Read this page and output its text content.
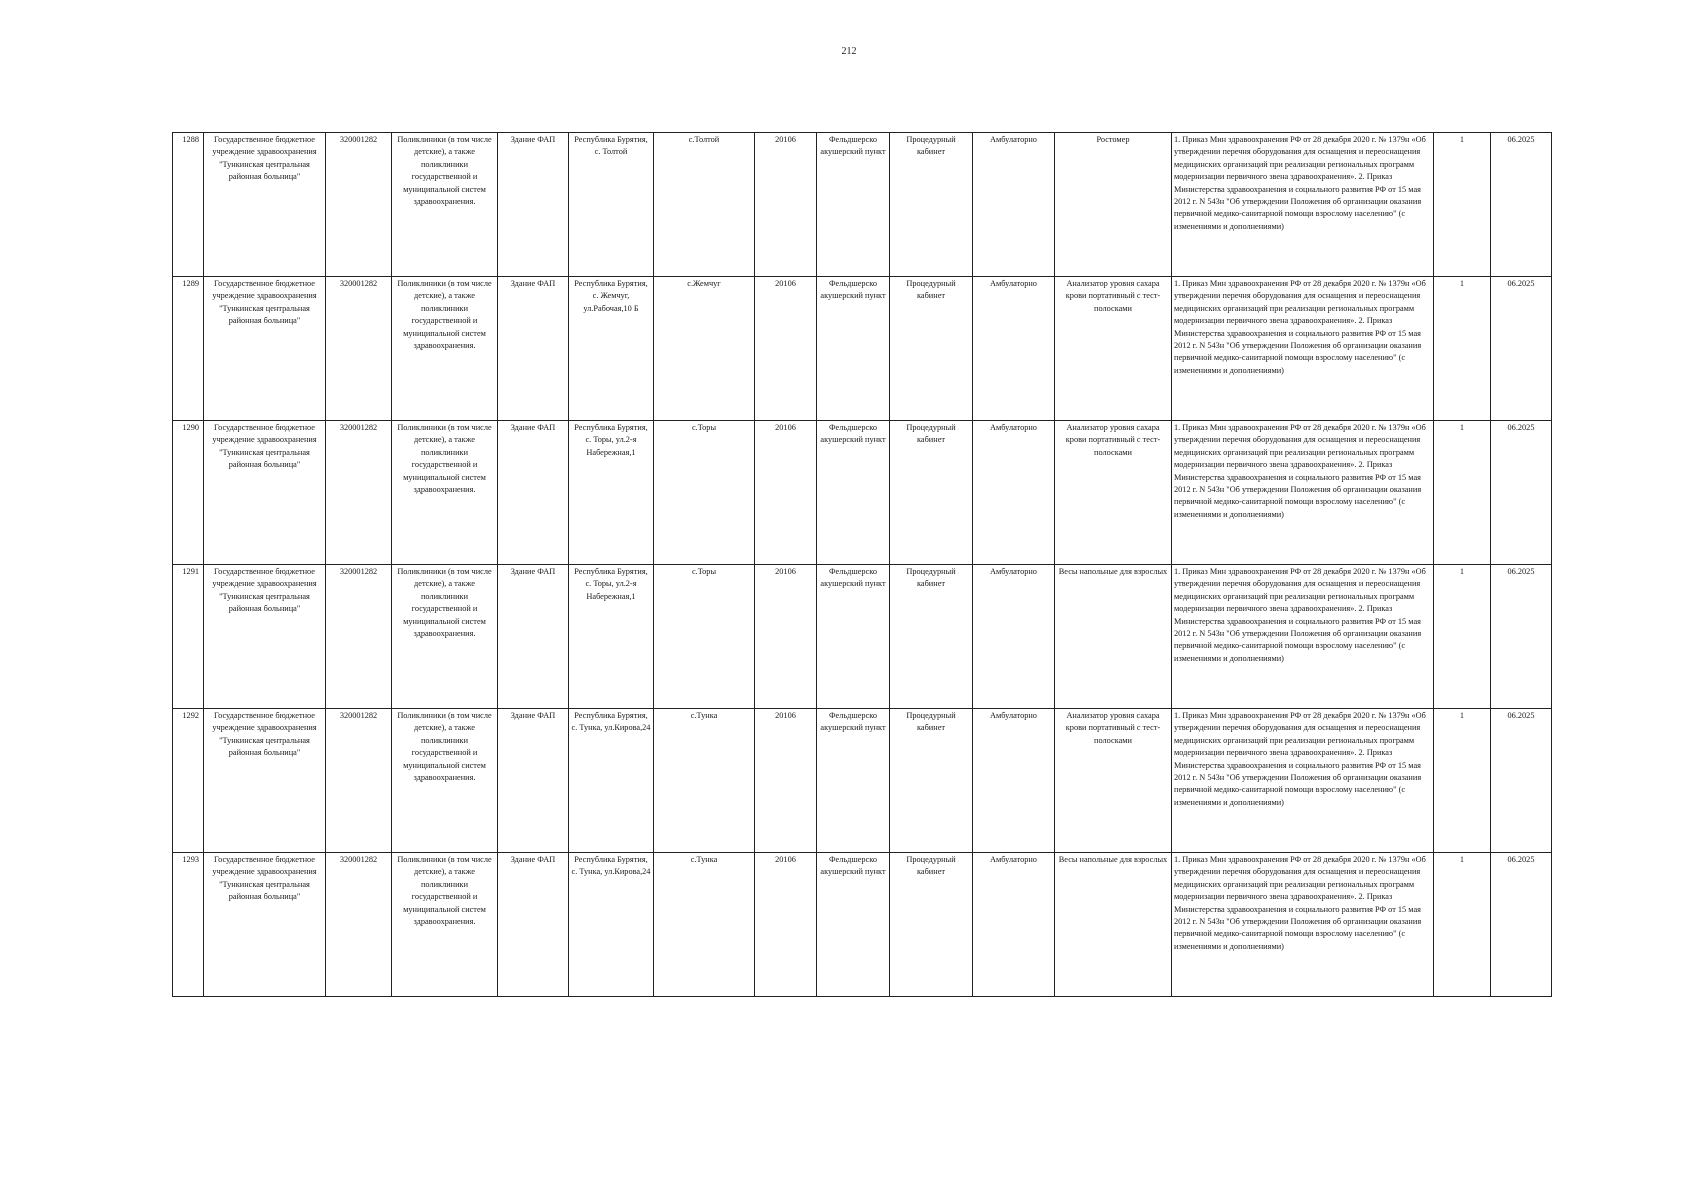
212
1288	Государственное бюджетное учреждение здравоохранения "Тункинская центральная районная больница"	320001282	Поликлиники (в том числе детские), а также поликлиники государственной и муниципальной систем здравоохранения.	Здание ФАП	Республика Бурятия, с. Толтой	с.Толтой	20106	Фельдшерско акушерский пункт	Процедурный кабинет	Амбулаторно	Ростомер	1. Приказ Мин здравоохранения РФ от 28 декабря 2020 г. № 1379н «Об утверждении перечня оборудования для оснащения и переоснащения медицинских организаций при реализации региональных программ модернизации первичного звена здравоохранения». 2. Приказ Министерства здравоохранения и социального развития РФ от 15 мая 2012 г. N 543н "Об утверждении Положения об организации оказания первичной медико-санитарной помощи взрослому населению" (с изменениями и дополнениями)	1	06.2025
1289	Государственное бюджетное учреждение здравоохранения "Тункинская центральная районная больница"	320001282	Поликлиники (в том числе детские), а также поликлиники государственной и муниципальной систем здравоохранения.	Здание ФАП	Республика Бурятия, с. Жемчуг, ул.Рабочая,10 Б	с.Жемчуг	20106	Фельдшерско акушерский пункт	Процедурный кабинет	Амбулаторно	Анализатор уровня сахара крови портативный с тест-полосками	1. Приказ Мин здравоохранения РФ от 28 декабря 2020 г. № 1379н «Об утверждении перечня оборудования для оснащения и переоснащения медицинских организаций при реализации региональных программ модернизации первичного звена здравоохранения». 2. Приказ Министерства здравоохранения и социального развития РФ от 15 мая 2012 г. N 543н "Об утверждении Положения об организации оказания первичной медико-санитарной помощи взрослому населению" (с изменениями и дополнениями)	1	06.2025
1290	Государственное бюджетное учреждение здравоохранения "Тункинская центральная районная больница"	320001282	Поликлиники (в том числе детские), а также поликлиники государственной и муниципальной систем здравоохранения.	Здание ФАП	Республика Бурятия, с. Торы, ул.2-я Набережная,1	с.Торы	20106	Фельдшерско акушерский пункт	Процедурный кабинет	Амбулаторно	Анализатор уровня сахара крови портативный с тест-полосками	1. Приказ Мин здравоохранения РФ от 28 декабря 2020 г. № 1379н «Об утверждении перечня оборудования для оснащения и переоснащения медицинских организаций при реализации региональных программ модернизации первичного звена здравоохранения». 2. Приказ Министерства здравоохранения и социального развития РФ от 15 мая 2012 г. N 543н "Об утверждении Положения об организации оказания первичной медико-санитарной помощи взрослому населению" (с изменениями и дополнениями)	1	06.2025
1291	Государственное бюджетное учреждение здравоохранения "Тункинская центральная районная больница"	320001282	Поликлиники (в том числе детские), а также поликлиники государственной и муниципальной систем здравоохранения.	Здание ФАП	Республика Бурятия, с. Торы, ул.2-я Набережная,1	с.Торы	20106	Фельдшерско акушерский пункт	Процедурный кабинет	Амбулаторно	Весы напольные для взрослых	1. Приказ Мин здравоохранения РФ от 28 декабря 2020 г. № 1379н «Об утверждении перечня оборудования для оснащения и переоснащения медицинских организаций при реализации региональных программ модернизации первичного звена здравоохранения». 2. Приказ Министерства здравоохранения и социального развития РФ от 15 мая 2012 г. N 543н "Об утверждении Положения об организации оказания первичной медико-санитарной помощи взрослому населению" (с изменениями и дополнениями)	1	06.2025
1292	Государственное бюджетное учреждение здравоохранения "Тункинская центральная районная больница"	320001282	Поликлиники (в том числе детские), а также поликлиники государственной и муниципальной систем здравоохранения.	Здание ФАП	Республика Бурятия, с. Тунка, ул.Кирова,24	с.Тунка	20106	Фельдшерско акушерский пункт	Процедурный кабинет	Амбулаторно	Анализатор уровня сахара крови портативный с тест-полосками	1. Приказ Мин здравоохранения РФ от 28 декабря 2020 г. № 1379н «Об утверждении перечня оборудования для оснащения и переоснащения медицинских организаций при реализации региональных программ модернизации первичного звена здравоохранения». 2. Приказ Министерства здравоохранения и социального развития РФ от 15 мая 2012 г. N 543н "Об утверждении Положения об организации оказания первичной медико-санитарной помощи взрослому населению" (с изменениями и дополнениями)	1	06.2025
1293	Государственное бюджетное учреждение здравоохранения "Тункинская центральная районная больница"	320001282	Поликлиники (в том числе детские), а также поликлиники государственной и муниципальной систем здравоохранения.	Здание ФАП	Республика Бурятия, с. Тунка, ул.Кирова,24	с.Тунка	20106	Фельдшерско акушерский пункт	Процедурный кабинет	Амбулаторно	Весы напольные для взрослых	1. Приказ Мин здравоохранения РФ от 28 декабря 2020 г. № 1379н «Об утверждении перечня оборудования для оснащения и переоснащения медицинских организаций при реализации региональных программ модернизации первичного звена здравоохранения». 2. Приказ Министерства здравоохранения и социального развития РФ от 15 мая 2012 г. N 543н "Об утверждении Положения об организации оказания первичной медико-санитарной помощи взрослому населению" (с изменениями и дополнениями)	1	06.2025
